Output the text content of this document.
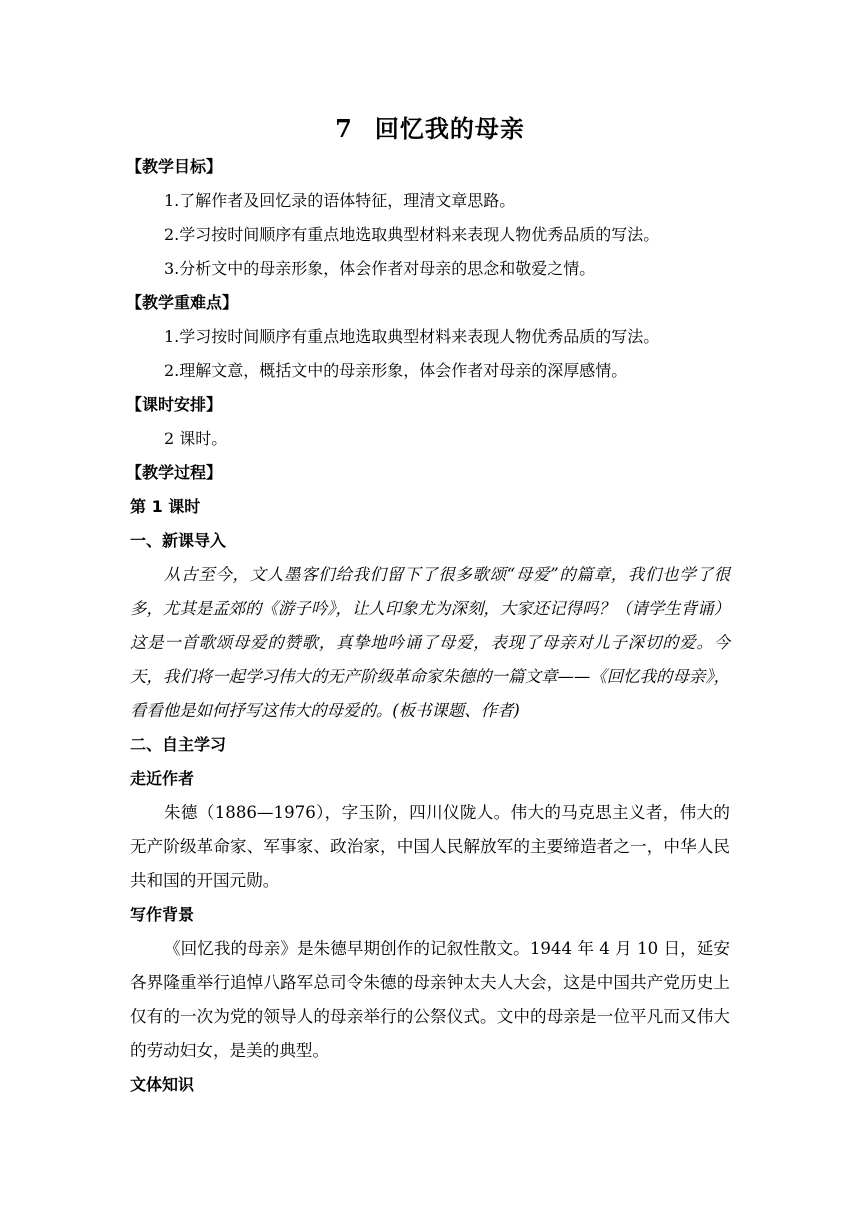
7 回忆我的母亲

【教学目标】

1.了解作者及回忆录的语体特征，理清文章思路。

2.学习按时间顺序有重点地选取典型材料来表现人物优秀品质的写法。

3.分析文中的母亲形象，体会作者对母亲的思念和敬爱之情。

【教学重难点】

1.学习按时间顺序有重点地选取典型材料来表现人物优秀品质的写法。

2.理解文意，概括文中的母亲形象，体会作者对母亲的深厚感情。

【课时安排】

2 课时。

【教学过程】

第 1 课时

一、新课导入

从古至今，文人墨客们给我们留下了很多歌颂“母爱”的篇章，我们也学了很多，尤其是孟郊的《游子吟》，让人印象尤为深刻，大家还记得吗？（请学生背诵）这是一首歌颂母爱的赞歌，真挚地吟诵了母爱，表现了母亲对儿子深切的爱。今天，我们将一起学习伟大的无产阶级革命家朱德的一篇文章——《回忆我的母亲》，看看他是如何抒写这伟大的母爱的。(板书课题、作者)

二、自主学习

走近作者

朱德（1886—1976），字玉阶，四川仪陇人。伟大的马克思主义者，伟大的无产阶级革命家、军事家、政治家，中国人民解放军的主要缔造者之一，中华人民共和国的开国元勋。

写作背景

《回忆我的母亲》是朱德早期创作的记叙性散文。1944 年 4 月 10 日，延安各界隆重举行追悼八路军总司令朱德的母亲钟太夫人大会，这是中国共产党历史上仅有的一次为党的领导人的母亲举行的公祭仪式。文中的母亲是一位平凡而又伟大的劳动妇女，是美的典型。

文体知识
